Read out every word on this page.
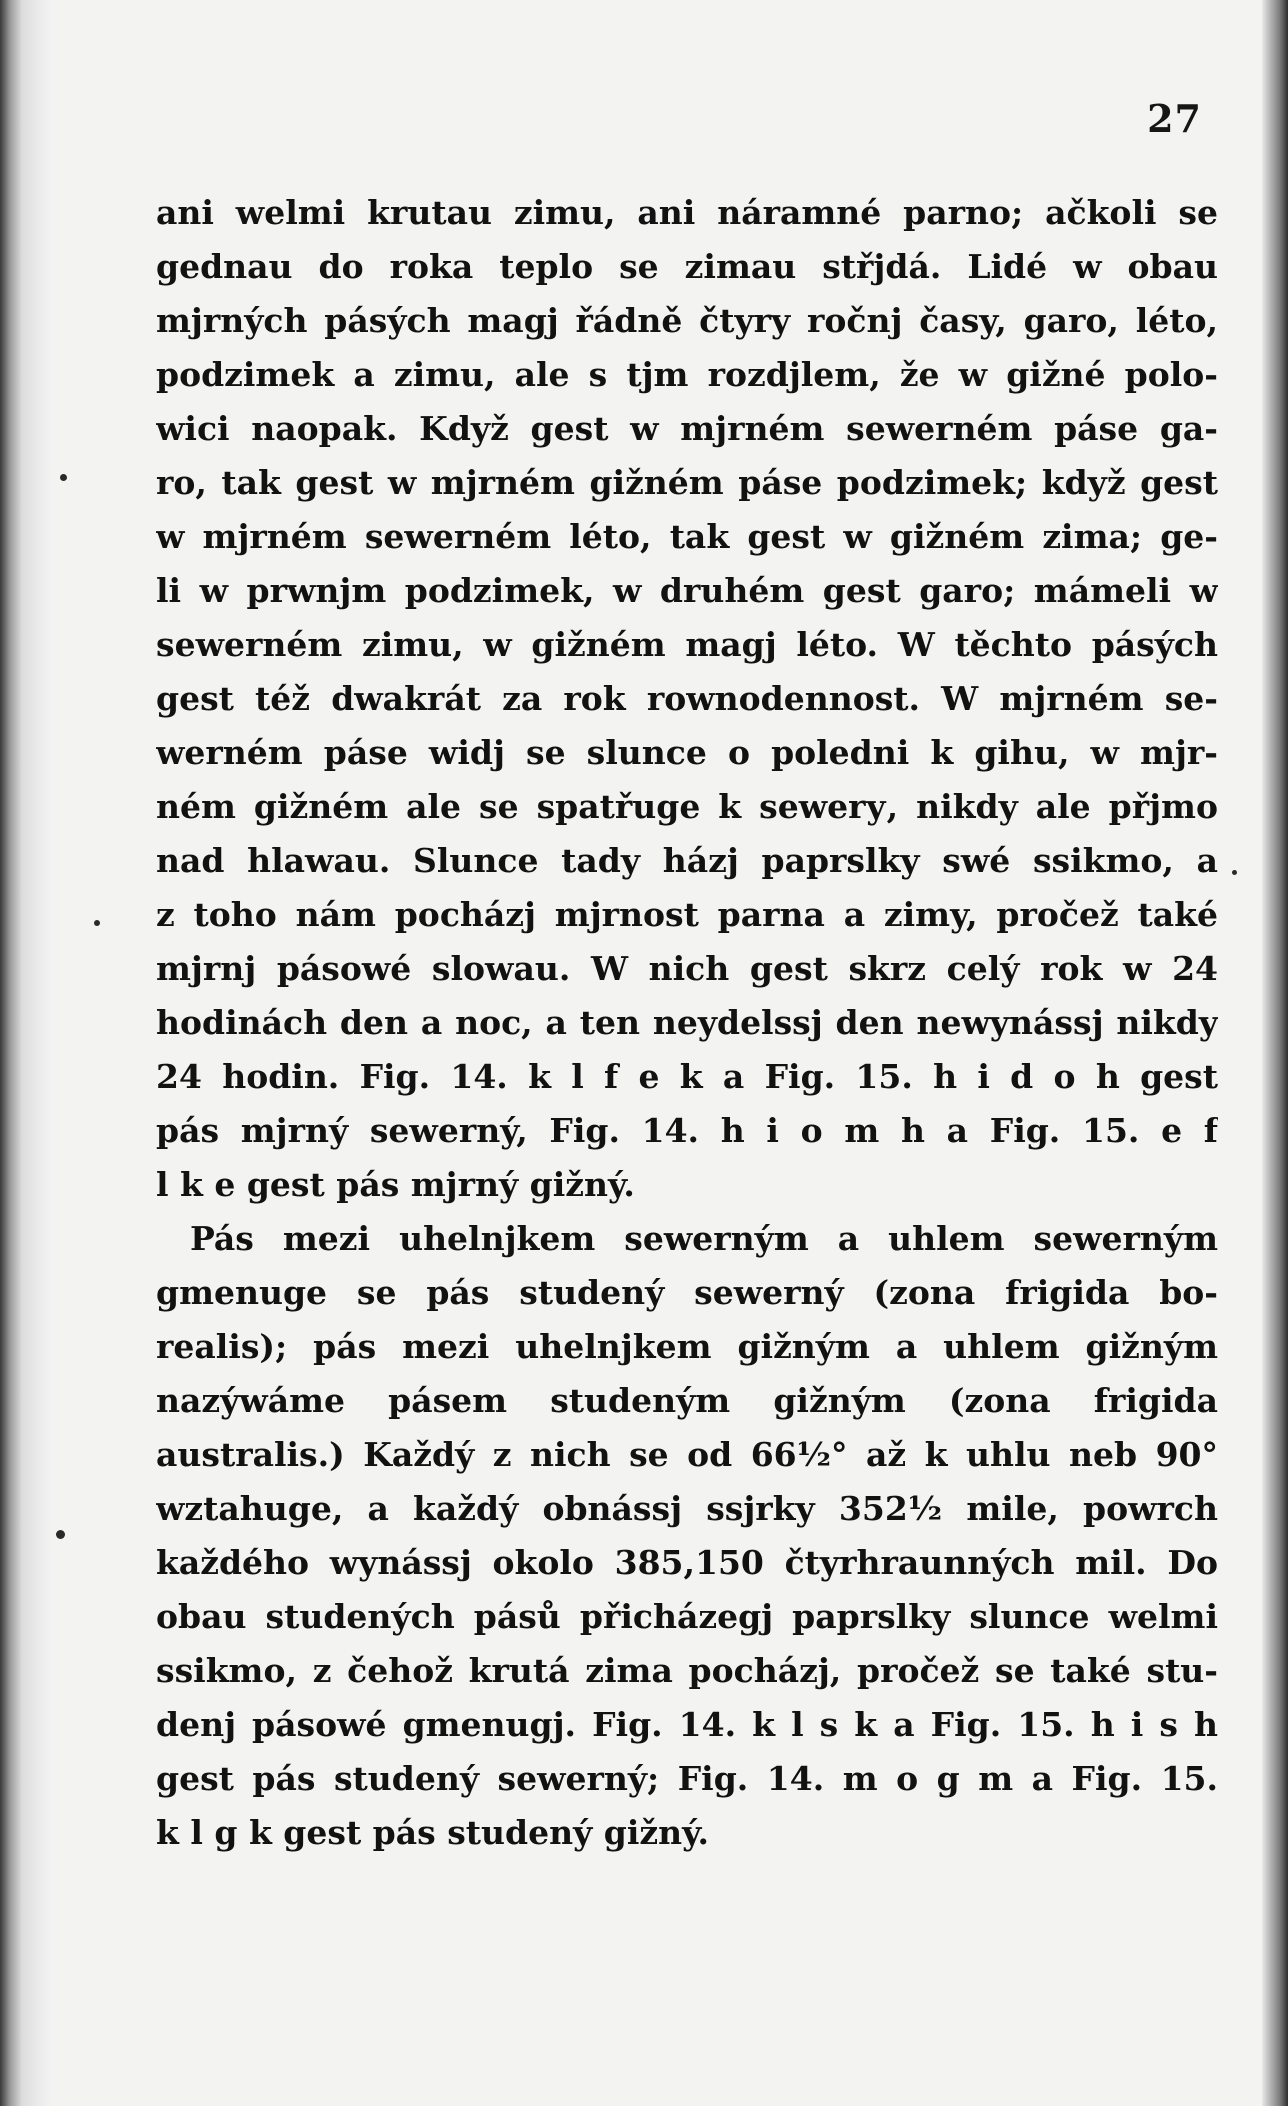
27
ani welmi krutau zimu, ani náramné parno; ačkoli se
gednau do roka teplo se zimau střjdá. Lidé w obau
mjrných pásých magj řádně čtyry ročnj časy, garo, léto,
podzimek a zimu, ale s tjm rozdjlem, že w gižné polo-
wici naopak. Když gest w mjrném sewerném páse ga-
ro, tak gest w mjrném gižném páse podzimek; když gest
w mjrném sewerném léto, tak gest w gižném zima; ge-
li w prwnjm podzimek, w druhém gest garo; mámeli w
sewerném zimu, w gižném magj léto. W těchto pásých
gest též dwakrát za rok rownodennost. W mjrném se-
werném páse widj se slunce o poledni k gihu, w mjr-
ném gižném ale se spatřuge k sewerу, nikdy ale přjmo
nad hlawau. Slunce tady házj paprslky swé ssikmo, a
z toho nám pocházj mjrnost parna a zimy, pročež také
mjrnj pásowé slowau. W nich gest skrz celý rok w 24
hodinách den a noc, a ten neydelssj den newynássj nikdy
24 hodin. Fig. 14. k l f e k a Fig. 15. h i d o h gest
pás mjrný sewerný, Fig. 14. h i o m h a Fig. 15. e f
l k e gest pás mjrný gižný.
Pás mezi uhelnjkem sewerným a uhlem sewerným
gmenuge se pás studený sewerný (zona frigida bo-
realis); pás mezi uhelnjkem gižným a uhlem gižným
nazýwáme pásem studeným gižným (zona frigida
australis.) Každý z nich se od 66½° až k uhlu neb 90°
wztahuge, a každý obnássj ssjrky 352½ mile, powrch
každého wynássj okolo 385,150 čtyrhraunných mil. Do
obau studených pásů přicházegj paprslky slunce welmi
ssikmo, z čehož krutá zima pocházj, pročež se také stu-
denj pásowé gmenugj. Fig. 14. k l s k a Fig. 15. h i s h
gest pás studený sewerný; Fig. 14. m o g m a Fig. 15.
k l g k gest pás studený gižný.
